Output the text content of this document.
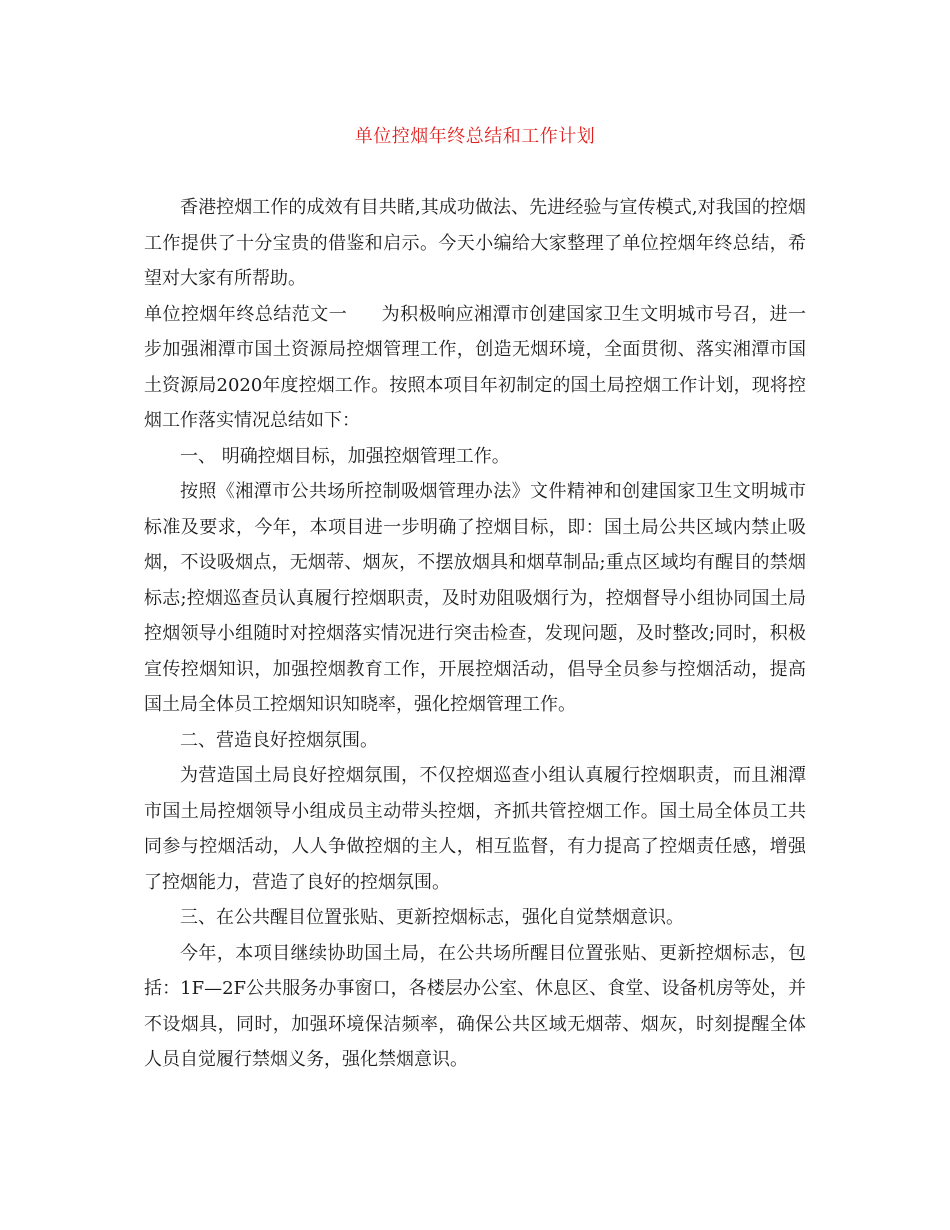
单位控烟年终总结和工作计划

香港控烟工作的成效有目共睹,其成功做法、先进经验与宣传模式,对我国的控烟工作提供了十分宝贵的借鉴和启示。今天小编给大家整理了单位控烟年终总结，希望对大家有所帮助。

单位控烟年终总结范文一 为积极响应湘潭市创建国家卫生文明城市号召，进一步加强湘潭市国土资源局控烟管理工作，创造无烟环境，全面贯彻、落实湘潭市国土资源局2020年度控烟工作。按照本项目年初制定的国土局控烟工作计划，现将控烟工作落实情况总结如下：

一、 明确控烟目标，加强控烟管理工作。

按照《湘潭市公共场所控制吸烟管理办法》文件精神和创建国家卫生文明城市标准及要求，今年，本项目进一步明确了控烟目标，即：国土局公共区域内禁止吸烟，不设吸烟点，无烟蒂、烟灰，不摆放烟具和烟草制品;重点区域均有醒目的禁烟标志;控烟巡查员认真履行控烟职责，及时劝阻吸烟行为，控烟督导小组协同国土局控烟领导小组随时对控烟落实情况进行突击检查，发现问题，及时整改;同时，积极宣传控烟知识，加强控烟教育工作，开展控烟活动，倡导全员参与控烟活动，提高国土局全体员工控烟知识知晓率，强化控烟管理工作。

二、营造良好控烟氛围。

为营造国土局良好控烟氛围，不仅控烟巡查小组认真履行控烟职责，而且湘潭市国土局控烟领导小组成员主动带头控烟，齐抓共管控烟工作。国土局全体员工共同参与控烟活动，人人争做控烟的主人，相互监督，有力提高了控烟责任感，增强了控烟能力，营造了良好的控烟氛围。

三、在公共醒目位置张贴、更新控烟标志，强化自觉禁烟意识。

今年，本项目继续协助国土局，在公共场所醒目位置张贴、更新控烟标志，包括：1F—2F公共服务办事窗口，各楼层办公室、休息区、食堂、设备机房等处，并不设烟具，同时，加强环境保洁频率，确保公共区域无烟蒂、烟灰，时刻提醒全体人员自觉履行禁烟义务，强化禁烟意识。
